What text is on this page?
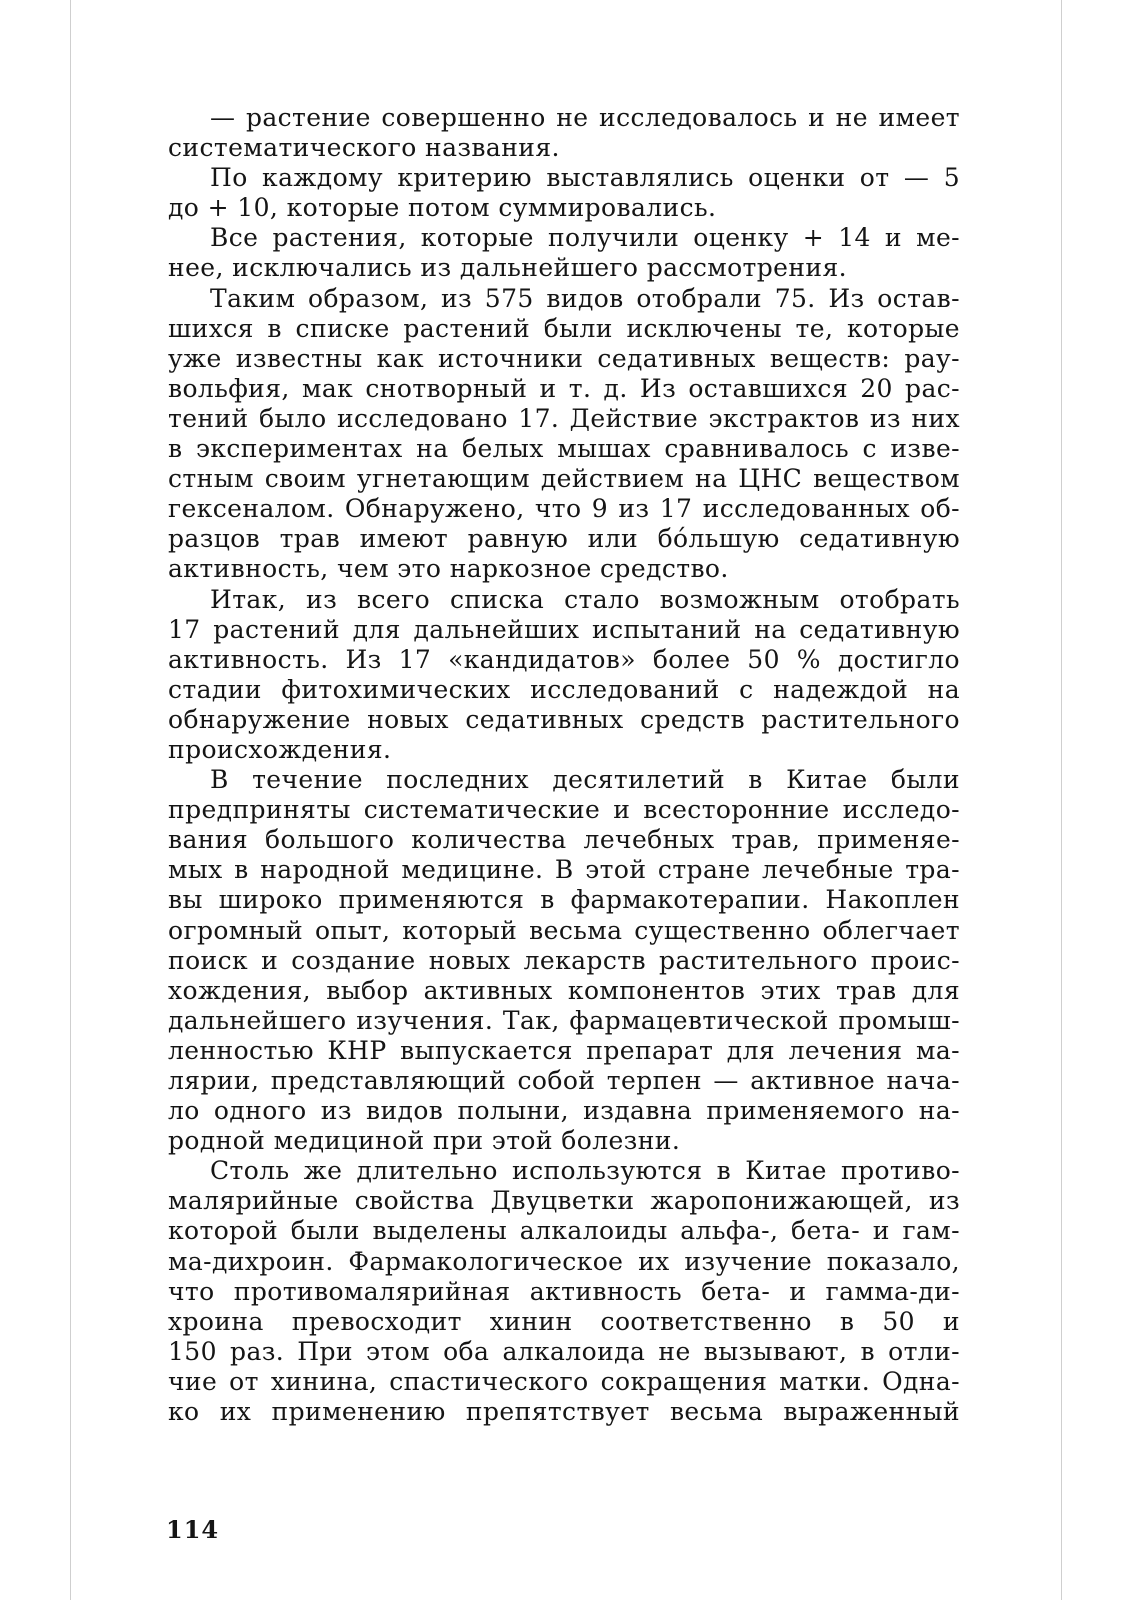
— растение совершенно не исследовалось и не имеет
систематического названия.
По каждому критерию выставлялись оценки от — 5
до + 10, которые потом суммировались.
Все растения, которые получили оценку + 14 и ме-
нее, исключались из дальнейшего рассмотрения.
Таким образом, из 575 видов отобрали 75. Из остав-
шихся в списке растений были исключены те, которые
уже известны как источники седативных веществ: рау-
вольфия, мак снотворный и т. д. Из оставшихся 20 рас-
тений было исследовано 17. Действие экстрактов из них
в экспериментах на белых мышах сравнивалось с изве-
стным своим угнетающим действием на ЦНС веществом
гексеналом. Обнаружено, что 9 из 17 исследованных об-
разцов трав имеют равную или бо́льшую седативную
активность, чем это наркозное средство.
Итак, из всего списка стало возможным отобрать
17 растений для дальнейших испытаний на седативную
активность. Из 17 «кандидатов» более 50 % достигло
стадии фитохимических исследований с надеждой на
обнаружение новых седативных средств растительного
происхождения.
В течение последних десятилетий в Китае были
предприняты систематические и всесторонние исследо-
вания большого количества лечебных трав, применяе-
мых в народной медицине. В этой стране лечебные тра-
вы широко применяются в фармакотерапии. Накоплен
огромный опыт, который весьма существенно облегчает
поиск и создание новых лекарств растительного проис-
хождения, выбор активных компонентов этих трав для
дальнейшего изучения. Так, фармацевтической промыш-
ленностью КНР выпускается препарат для лечения ма-
лярии, представляющий собой терпен — активное нача-
ло одного из видов полыни, издавна применяемого на-
родной медициной при этой болезни.
Столь же длительно используются в Китае противо-
малярийные свойства Двуцветки жаропонижающей, из
которой были выделены алкалоиды альфа-, бета- и гам-
ма-дихроин. Фармакологическое их изучение показало,
что противомалярийная активность бета- и гамма-ди-
хроина превосходит хинин соответственно в 50 и
150 раз. При этом оба алкалоида не вызывают, в отли-
чие от хинина, спастического сокращения матки. Одна-
ко их применению препятствует весьма выраженный
114
